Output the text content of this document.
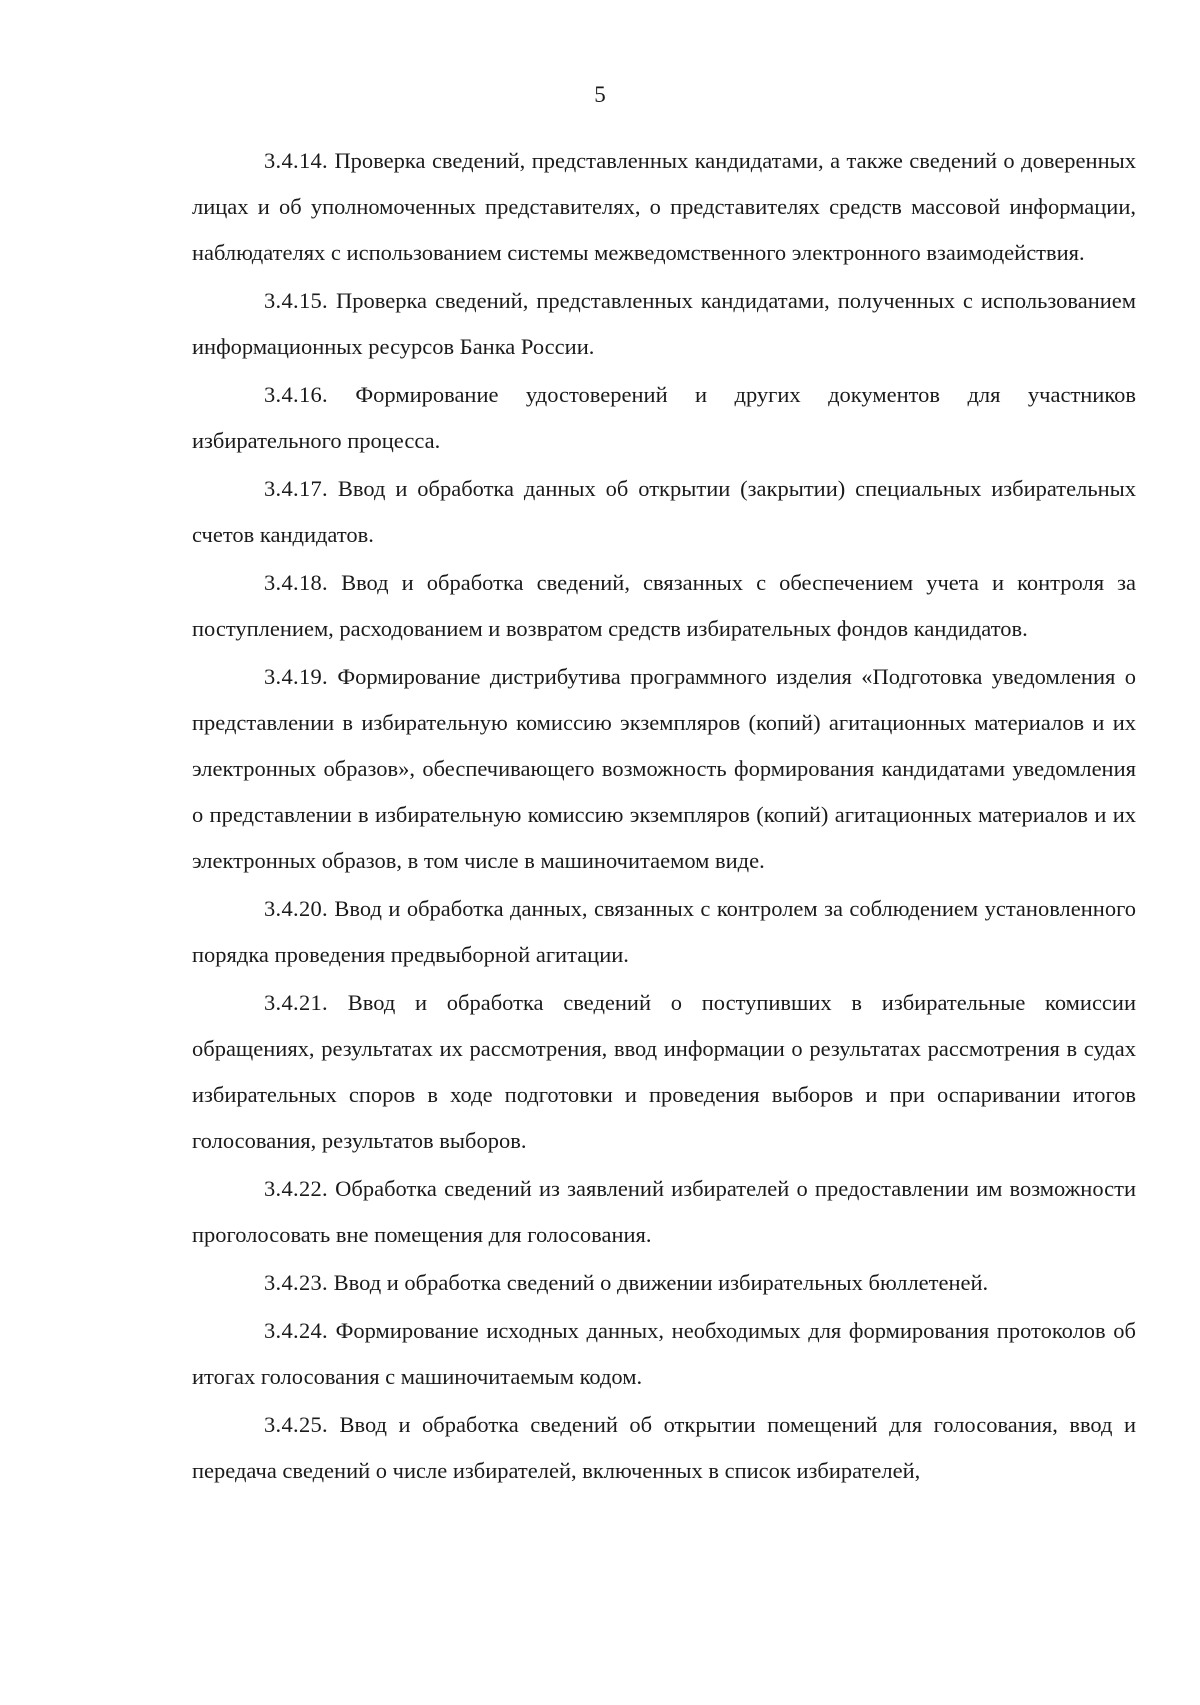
5

3.4.14. Проверка сведений, представленных кандидатами, а также сведений о доверенных лицах и об уполномоченных представителях, о представителях средств массовой информации, наблюдателях с использованием системы межведомственного электронного взаимодействия.

3.4.15. Проверка сведений, представленных кандидатами, полученных с использованием информационных ресурсов Банка России.

3.4.16. Формирование удостоверений и других документов для участников избирательного процесса.

3.4.17. Ввод и обработка данных об открытии (закрытии) специальных избирательных счетов кандидатов.

3.4.18. Ввод и обработка сведений, связанных с обеспечением учета и контроля за поступлением, расходованием и возвратом средств избирательных фондов кандидатов.

3.4.19. Формирование дистрибутива программного изделия «Подготовка уведомления о представлении в избирательную комиссию экземпляров (копий) агитационных материалов и их электронных образов», обеспечивающего возможность формирования кандидатами уведомления о представлении в избирательную комиссию экземпляров (копий) агитационных материалов и их электронных образов, в том числе в машиночитаемом виде.

3.4.20. Ввод и обработка данных, связанных с контролем за соблюдением установленного порядка проведения предвыборной агитации.

3.4.21. Ввод и обработка сведений о поступивших в избирательные комиссии обращениях, результатах их рассмотрения, ввод информации о результатах рассмотрения в судах избирательных споров в ходе подготовки и проведения выборов и при оспаривании итогов голосования, результатов выборов.

3.4.22. Обработка сведений из заявлений избирателей о предоставлении им возможности проголосовать вне помещения для голосования.

3.4.23. Ввод и обработка сведений о движении избирательных бюллетеней.

3.4.24. Формирование исходных данных, необходимых для формирования протоколов об итогах голосования с машиночитаемым кодом.

3.4.25. Ввод и обработка сведений об открытии помещений для голосования, ввод и передача сведений о числе избирателей, включенных в список избирателей,
